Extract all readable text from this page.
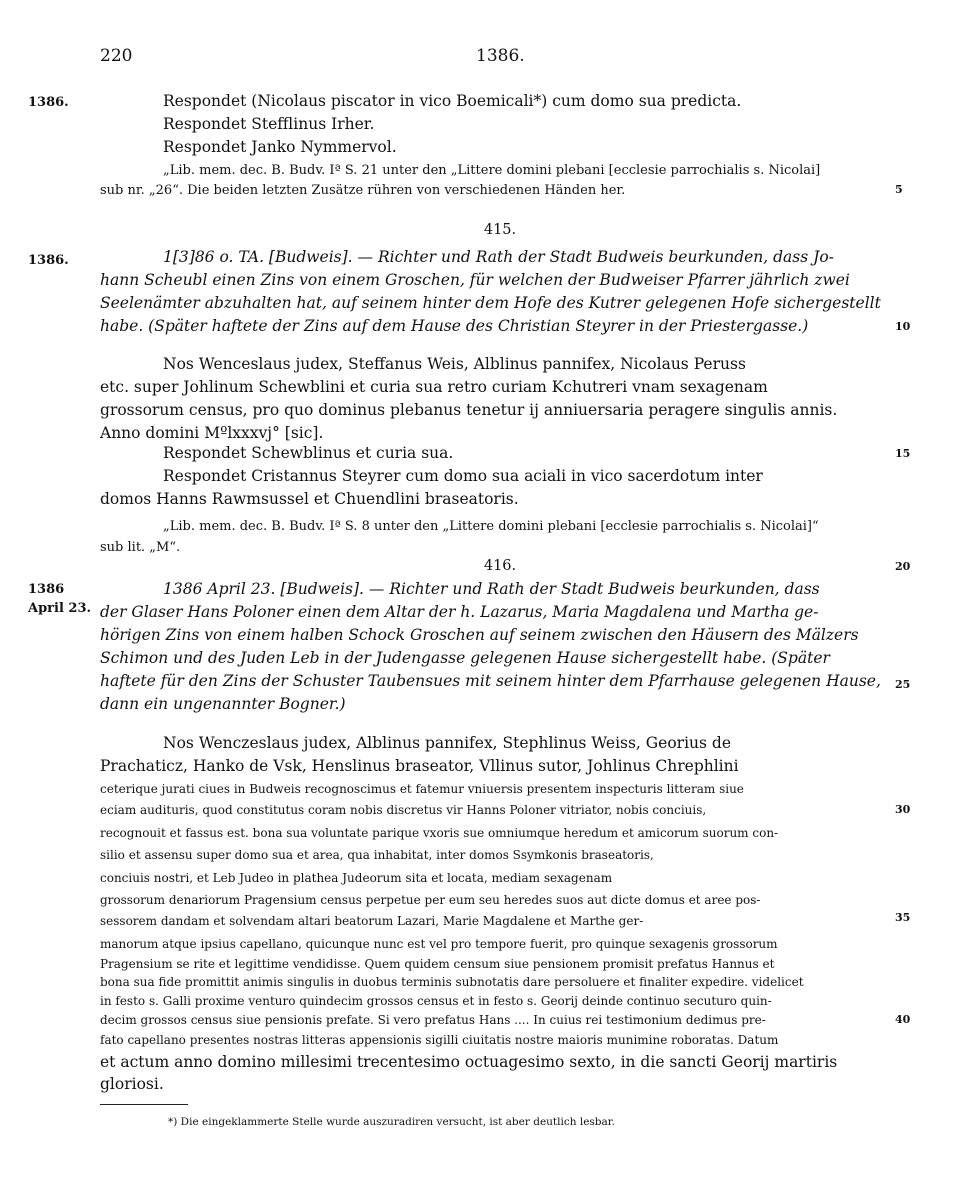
220	1386.
1386.
1386.
1386
April 23.
5
10
15
20
25
30
35
40
Respondet (Nicolaus piscator in vico Boemicali*) cum domo sua predicta.
Respondet Stefflinus Irher.
Respondet Janko Nymmervol.
„Lib. mem. dec. B. Budv. Iª S. 21 unter den „Littere domini plebani [ecclesie parrochialis s. Nicolai]
sub nr. „26“. Die beiden letzten Zusätze rühren von verschiedenen Händen her.
415.
1[3]86 o. TA. [Budweis]. — Richter und Rath der Stadt Budweis beurkunden, dass Jo-
hann Scheubl einen Zins von einem Groschen, für welchen der Budweiser Pfarrer jährlich zwei
Seelenämter abzuhalten hat, auf seinem hinter dem Hofe des Kutrer gelegenen Hofe sichergestellt
habe. (Später haftete der Zins auf dem Hause des Christian Steyrer in der Priestergasse.)
Nos Wenceslaus judex, Steffanus Weis, Alblinus pannifex, Nicolaus Peruss
etc. super Johlinum Schewblini et curia sua retro curiam Kchutreri vnam sexagenam
grossorum census, pro quo dominus plebanus tenetur ij anniuersaria peragere singulis annis.
Anno domini Mºlxxxvj° [sic].
Respondet Schewblinus et curia sua.
Respondet Cristannus Steyrer cum domo sua aciali in vico sacerdotum inter
domos Hanns Rawmsussel et Chuendlini braseatoris.
„Lib. mem. dec. B. Budv. Iª S. 8 unter den „Littere domini plebani [ecclesie parrochialis s. Nicolai]“
sub lit. „M“.
416.
1386 April 23. [Budweis]. — Richter und Rath der Stadt Budweis beurkunden, dass
der Glaser Hans Poloner einen dem Altar der h. Lazarus, Maria Magdalena und Martha ge-
hörigen Zins von einem halben Schock Groschen auf seinem zwischen den Häusern des Mälzers
Schimon und des Juden Leb in der Judengasse gelegenen Hause sichergestellt habe. (Später
haftete für den Zins der Schuster Taubensues mit seinem hinter dem Pfarrhause gelegenen Hause,
dann ein ungenannter Bogner.)
Nos Wenczeslaus judex, Alblinus pannifex, Stephlinus Weiss, Georius de
Prachaticz, Hanko de Vsk, Henslinus braseator, Vllinus sutor, Johlinus Chrephlini
ceterique jurati ciues in Budweis recognoscimus et fatemur vniuersis presentem inspecturis litteram siue
eciam audituris, quod constitutus coram nobis discretus vir Hanns Poloner vitriator, nobis conciuis,
recognouit et fassus est. bona sua voluntate parique vxoris sue omniumque heredum et amicorum suorum con-
silio et assensu super domo sua et area, qua inhabitat, inter domos Ssymkonis braseatoris,
conciuis nostri, et Leb Judeo in plathea Judeorum sita et locata, mediam sexagenam
grossorum denariorum Pragensium census perpetue per eum seu heredes suos aut dicte domus et aree pos-
sessorem dandam et solvendam altari beatorum Lazari, Marie Magdalene et Marthe ger-
manorum atque ipsius capellano, quicunque nunc est vel pro tempore fuerit, pro quinque sexagenis grossorum
Pragensium se rite et legittime vendidisse. Quem quidem censum siue pensionem promisit prefatus Hannus et
bona sua fide promittit animis singulis in duobus terminis subnotatis dare persoluere et finaliter expedire. videlicet
in festo s. Galli proxime venturo quindecim grossos census et in festo s. Georij deinde continuo secuturo quin-
decim grossos census siue pensionis prefate. Si vero prefatus Hans .... In cuius rei testimonium dedimus pre-
fato capellano presentes nostras litteras appensionis sigilli ciuitatis nostre maioris munimine roboratas. Datum
et actum anno domino millesimi trecentesimo octuagesimo sexto, in die sancti Georij martiris
gloriosi.
*) Die eingeklammerte Stelle wurde auszuradiren versucht, ist aber deutlich lesbar.
